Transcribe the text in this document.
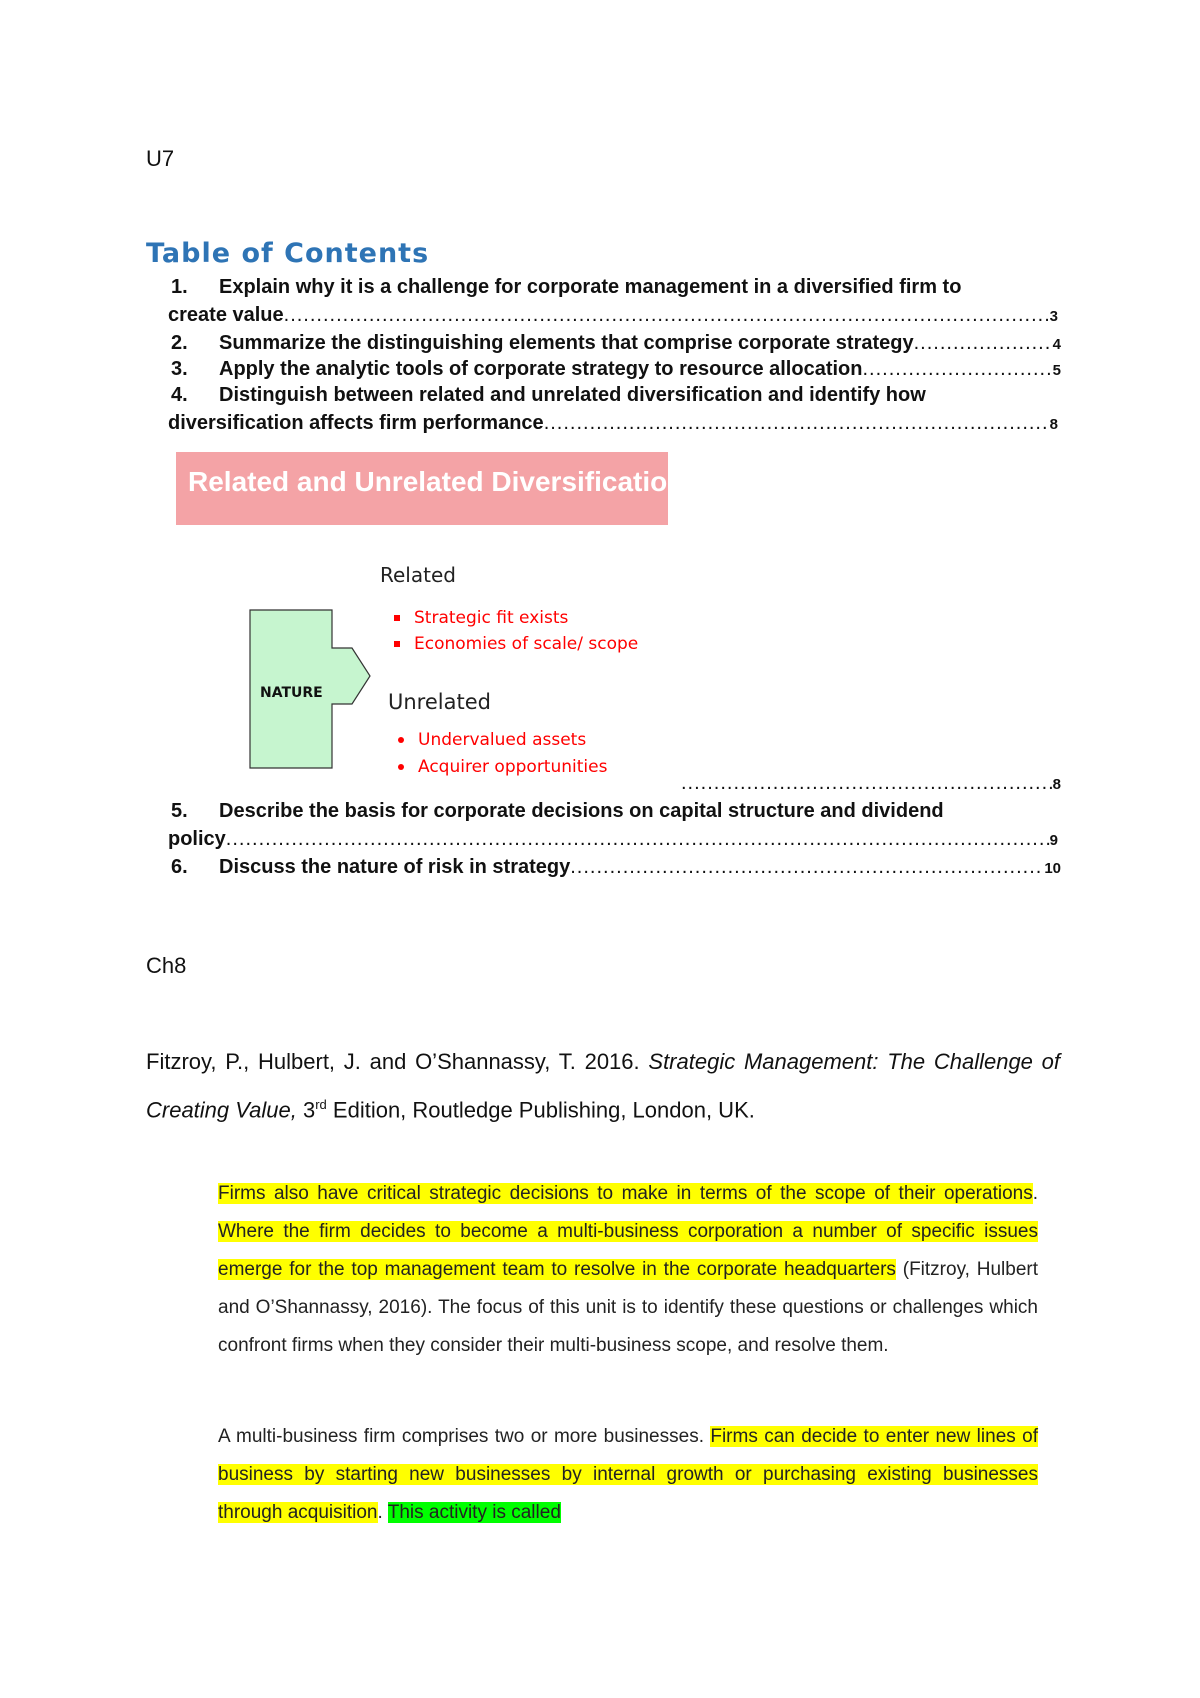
U7
Table of Contents
1. Explain why it is a challenge for corporate management in a diversified firm to
create value .....	3
2. Summarize the distinguishing elements that comprise corporate strategy .....	4
3. Apply the analytic tools of corporate strategy to resource allocation .....	5
4. Distinguish between related and unrelated diversification and identify how
diversification affects firm performance .....	8
Related and Unrelated Diversification
NATURE
Related
Strategic fit exists
Economies of scale/ scope
Unrelated
Undervalued assets
Acquirer opportunities
.....
8
5. Describe the basis for corporate decisions on capital structure and dividend
policy .....	9
6. Discuss the nature of risk in strategy .....	10
Ch8
Fitzroy, P., Hulbert, J. and O’Shannassy, T. 2016. Strategic Management: The Challenge of Creating Value, 3rd Edition, Routledge Publishing, London, UK.
Firms also have critical strategic decisions to make in terms of the scope of their operations. Where the firm decides to become a multi-business corporation a number of specific issues emerge for the top management team to resolve in the corporate headquarters (Fitzroy, Hulbert and O’Shannassy, 2016). The focus of this unit is to identify these questions or challenges which confront firms when they consider their multi-business scope, and resolve them.
A multi-business firm comprises two or more businesses. Firms can decide to enter new lines of business by starting new businesses by internal growth or purchasing existing businesses through acquisition. This activity is called
